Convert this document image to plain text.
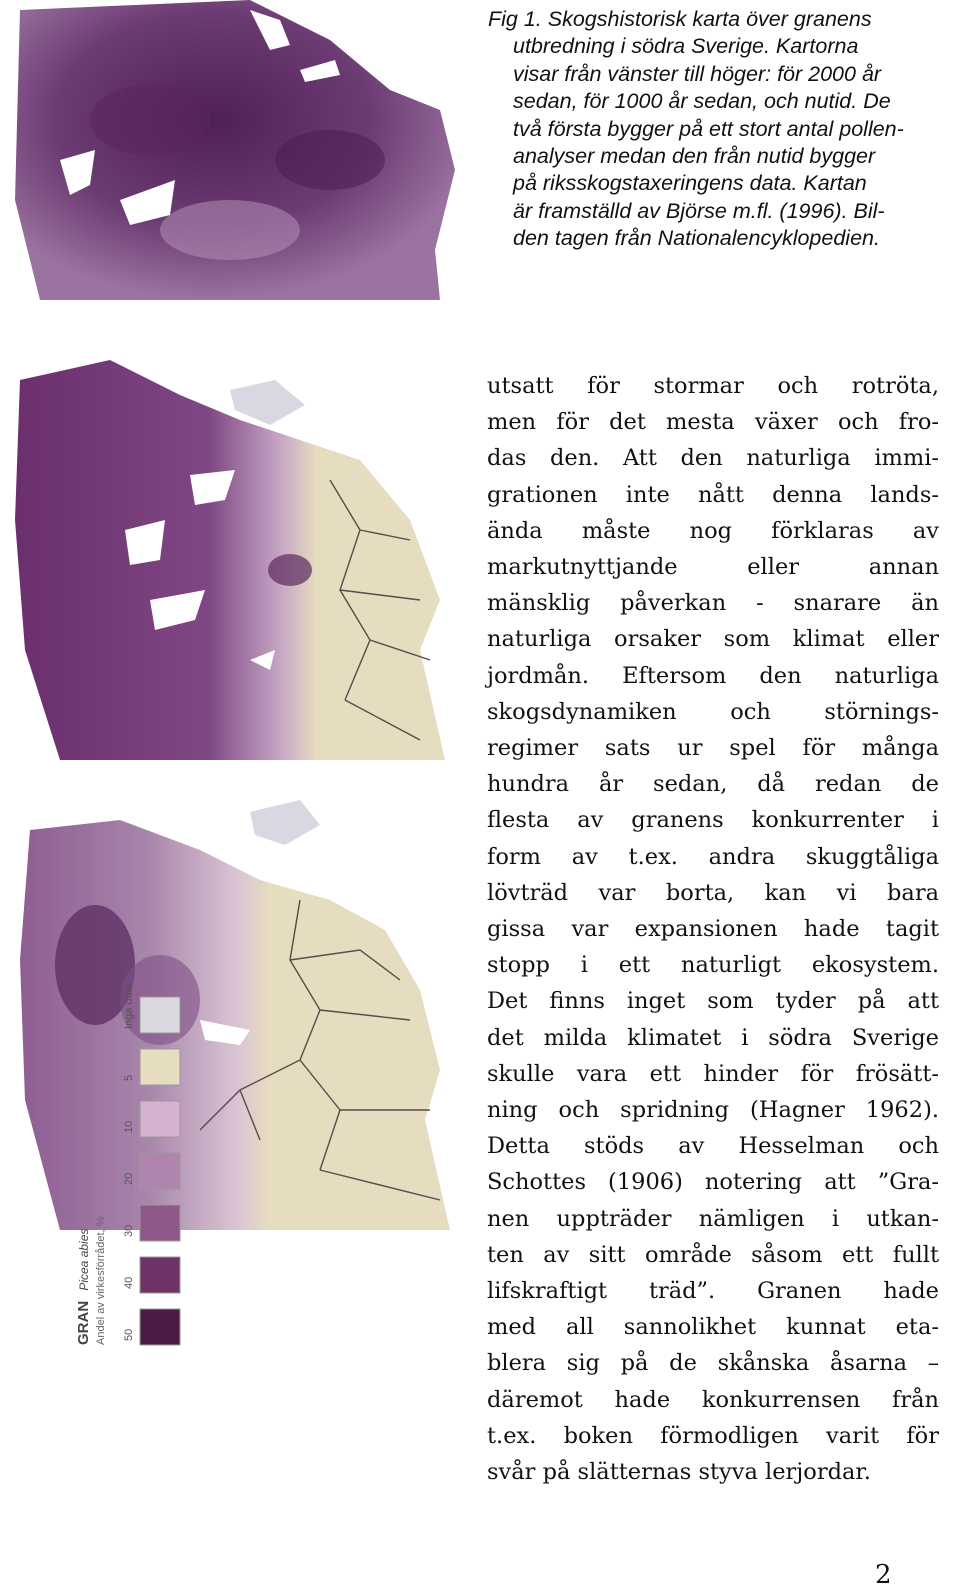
GRAN Picea abies Andel av virkesförrådet, % 50
40
30
20
10
5
Inga data
Fig 1. Skogshistorisk karta över granens
utbredning i södra Sverige. Kartorna
visar från vänster till höger: för 2000 år
sedan, för 1000 år sedan, och nutid. De
två första bygger på ett stort antal pollen-
analyser medan den från nutid bygger
på riksskogstaxeringens data. Kartan
är framställd av Björse m.fl. (1996). Bil-
den tagen från Nationalencyklopedien.
utsatt för stormar och rotröta,
men för det mesta växer och fro-
das den. Att den naturliga immi-
grationen inte nått denna lands-
ända måste nog förklaras av
markutnyttjande eller annan
mänsklig påverkan - snarare än
naturliga orsaker som klimat eller
jordmån. Eftersom den naturliga
skogsdynamiken och störnings-
regimer sats ur spel för många
hundra år sedan, då redan de
flesta av granens konkurrenter i
form av t.ex. andra skuggtåliga
lövträd var borta, kan vi bara
gissa var expansionen hade tagit
stopp i ett naturligt ekosystem.
Det finns inget som tyder på att
det milda klimatet i södra Sverige
skulle vara ett hinder för frösätt-
ning och spridning (Hagner 1962).
Detta stöds av Hesselman och
Schottes (1906) notering att ”Gra-
nen uppträder nämligen i utkan-
ten av sitt område såsom ett fullt
lifskraftigt träd”. Granen hade
med all sannolikhet kunnat eta-
blera sig på de skånska åsarna –
däremot hade konkurrensen från
t.ex. boken förmodligen varit för
svår på slätternas styva lerjordar.
2
